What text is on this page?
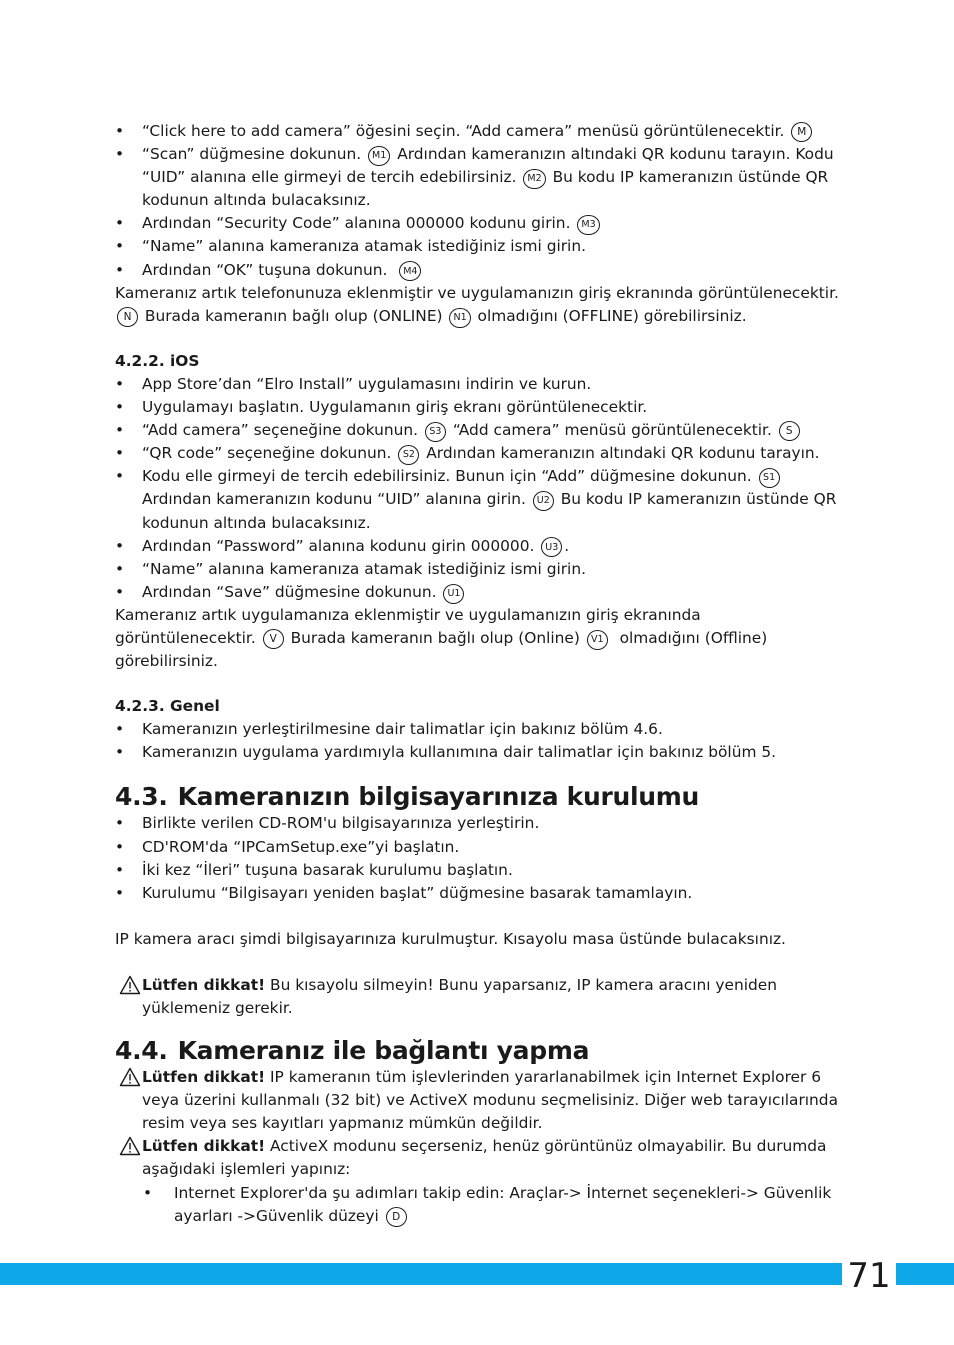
• “Click here to add camera” öğesini seçin. “Add camera” menüsü görüntülenecektir. M
• “Scan” düğmesine dokunun. M1 Ardından kameranızın altındaki QR kodunu tarayın. Kodu “UID” alanına elle girmeyi de tercih edebilirsiniz. M2 Bu kodu IP kameranızın üstünde QR kodunun altında bulacaksınız.
• Ardından “Security Code” alanına 000000 kodunu girin. M3
• “Name” alanına kameranıza atamak istediğiniz ismi girin.
• Ardından “OK” tuşuna dokunun. M4

Kameranız artık telefonunuza eklenmiştir ve uygulamanızın giriş ekranında görüntülenecektir. N Burada kameranın bağlı olup (ONLINE) N1 olmadığını (OFFLINE) görebilirsiniz.

4.2.2. iOS

• App Store’dan “Elro Install” uygulamasını indirin ve kurun.
• Uygulamayı başlatın. Uygulamanın giriş ekranı görüntülenecektir.
• “Add camera” seçeneğine dokunun. S3 “Add camera” menüsü görüntülenecektir. S
• “QR code” seçeneğine dokunun. S2 Ardından kameranızın altındaki QR kodunu tarayın.
• Kodu elle girmeyi de tercih edebilirsiniz. Bunun için “Add” düğmesine dokunun. S1 Ardından kameranızın kodunu “UID” alanına girin. U2 Bu kodu IP kameranızın üstünde QR kodunun altında bulacaksınız.
• Ardından “Password” alanına kodunu girin 000000. U3 .
• “Name” alanına kameranıza atamak istediğiniz ismi girin.
• Ardından “Save” düğmesine dokunun. U1

Kameranız artık uygulamanıza eklenmiştir ve uygulamanızın giriş ekranında görüntülenecektir. V Burada kameranın bağlı olup (Online) V1 olmadığını (Offline) görebilirsiniz.

4.2.3. Genel

• Kameranızın yerleştirilmesine dair talimatlar için bakınız bölüm 4.6.
• Kameranızın uygulama yardımıyla kullanımına dair talimatlar için bakınız bölüm 5.
4.3. Kameranızın bilgisayarınıza kurulumu
• Birlikte verilen CD-ROM'u bilgisayarınıza yerleştirin.
• CD'ROM'da “IPCamSetup.exe”yi başlatın.
• İki kez “İleri” tuşuna basarak kurulumu başlatın.
• Kurulumu “Bilgisayarı yeniden başlat” düğmesine basarak tamamlayın.

IP kamera aracı şimdi bilgisayarınıza kurulmuştur. Kısayolu masa üstünde bulacaksınız.

Lütfen dikkat! Bu kısayolu silmeyin! Bunu yaparsanız, IP kamera aracını yeniden yüklemeniz gerekir.
4.4. Kameranız ile bağlantı yapma
Lütfen dikkat! IP kameranın tüm işlevlerinden yararlanabilmek için Internet Explorer 6 veya üzerini kullanmalı (32 bit) ve ActiveX modunu seçmelisiniz. Diğer web tarayıcılarında resim veya ses kayıtları yapmanız mümkün değildir.
Lütfen dikkat! ActiveX modunu seçerseniz, henüz görüntünüz olmayabilir. Bu durumda aşağıdaki işlemleri yapınız:
• Internet Explorer'da şu adımları takip edin: Araçlar-> İnternet seçenekleri-> Güvenlik ayarları ->Güvenlik düzeyi D
71
